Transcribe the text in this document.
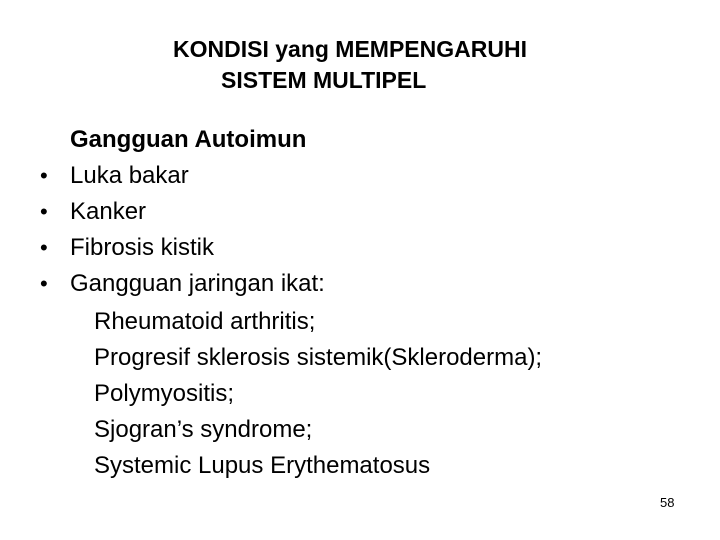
KONDISI yang MEMPENGARUHI
SISTEM MULTIPEL
Gangguan Autoimun
• Luka bakar
• Kanker
• Fibrosis kistik
• Gangguan jaringan ikat:
Rheumatoid arthritis;
Progresif sklerosis sistemik(Skleroderma);
Polymyositis;
Sjogran’s syndrome;
Systemic Lupus Erythematosus
58
